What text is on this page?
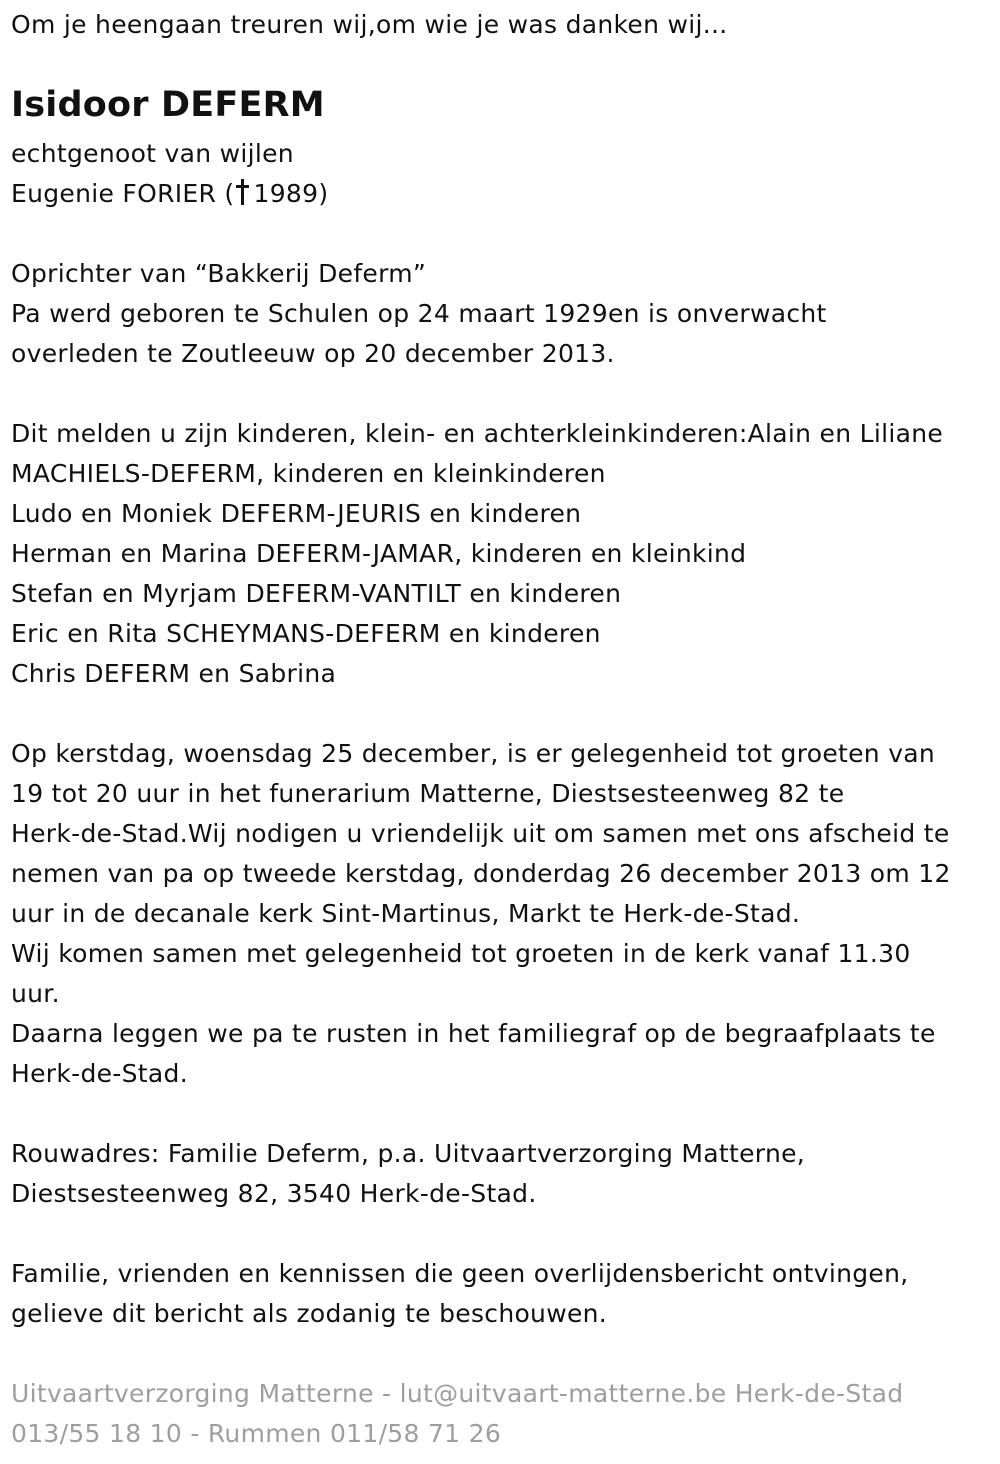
Om je heengaan treuren wij,om wie je was danken wij...
Isidoor DEFERM
echtgenoot van wijlen
Eugenie FORIER ( 1989)
Oprichter van “Bakkerij Deferm”
Pa werd geboren te Schulen op 24 maart 1929en is onverwacht
overleden te Zoutleeuw op 20 december 2013.
Dit melden u zijn kinderen, klein- en achterkleinkinderen:Alain en Liliane
MACHIELS-DEFERM, kinderen en kleinkinderen
Ludo en Moniek DEFERM-JEURIS en kinderen
Herman en Marina DEFERM-JAMAR, kinderen en kleinkind
Stefan en Myrjam DEFERM-VANTILT en kinderen
Eric en Rita SCHEYMANS-DEFERM en kinderen
Chris DEFERM en Sabrina
Op kerstdag, woensdag 25 december, is er gelegenheid tot groeten van
19 tot 20 uur in het funerarium Matterne, Diestsesteenweg 82 te
Herk-de-Stad.Wij nodigen u vriendelijk uit om samen met ons afscheid te
nemen van pa op tweede kerstdag, donderdag 26 december 2013 om 12
uur in de decanale kerk Sint-Martinus, Markt te Herk-de-Stad.
Wij komen samen met gelegenheid tot groeten in de kerk vanaf 11.30
uur.
Daarna leggen we pa te rusten in het familiegraf op de begraafplaats te
Herk-de-Stad.
Rouwadres: Familie Deferm, p.a. Uitvaartverzorging Matterne,
Diestsesteenweg 82, 3540 Herk-de-Stad.
Familie, vrienden en kennissen die geen overlijdensbericht ontvingen,
gelieve dit bericht als zodanig te beschouwen.
Uitvaartverzorging Matterne - lut@uitvaart-matterne.be Herk-de-Stad
013/55 18 10 - Rummen 011/58 71 26
